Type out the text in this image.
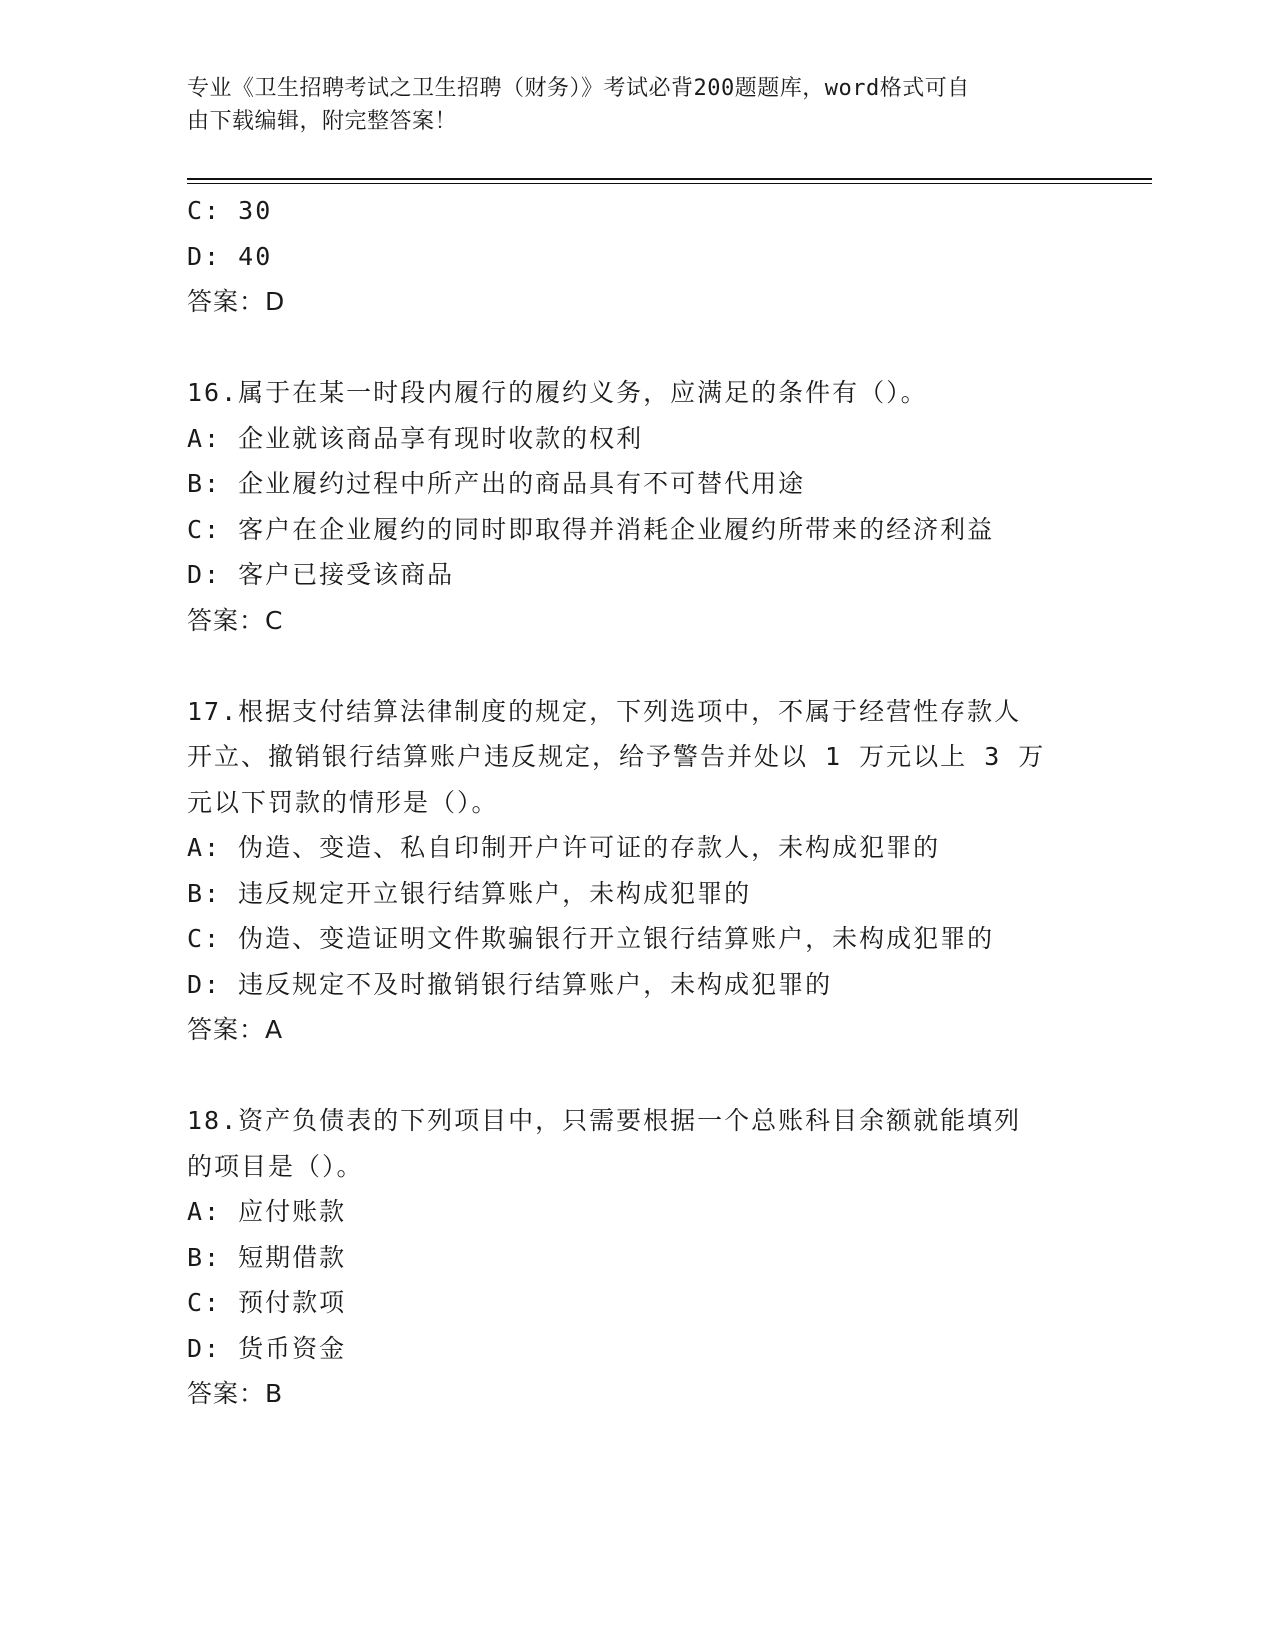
专业《卫生招聘考试之卫生招聘（财务）》考试必背200题题库，word格式可自
由下载编辑，附完整答案！
C: 30
D: 40
答案：D
16.属于在某一时段内履行的履约义务，应满足的条件有（）。
A: 企业就该商品享有现时收款的权利
B: 企业履约过程中所产出的商品具有不可替代用途
C: 客户在企业履约的同时即取得并消耗企业履约所带来的经济利益
D: 客户已接受该商品
答案：C
17.根据支付结算法律制度的规定，下列选项中，不属于经营性存款人
开立、撤销银行结算账户违反规定，给予警告并处以 1 万元以上 3 万
元以下罚款的情形是（）。
A: 伪造、变造、私自印制开户许可证的存款人，未构成犯罪的
B: 违反规定开立银行结算账户，未构成犯罪的
C: 伪造、变造证明文件欺骗银行开立银行结算账户，未构成犯罪的
D: 违反规定不及时撤销银行结算账户，未构成犯罪的
答案：A
18.资产负债表的下列项目中，只需要根据一个总账科目余额就能填列
的项目是（）。
A: 应付账款
B: 短期借款
C: 预付款项
D: 货币资金
答案：B
